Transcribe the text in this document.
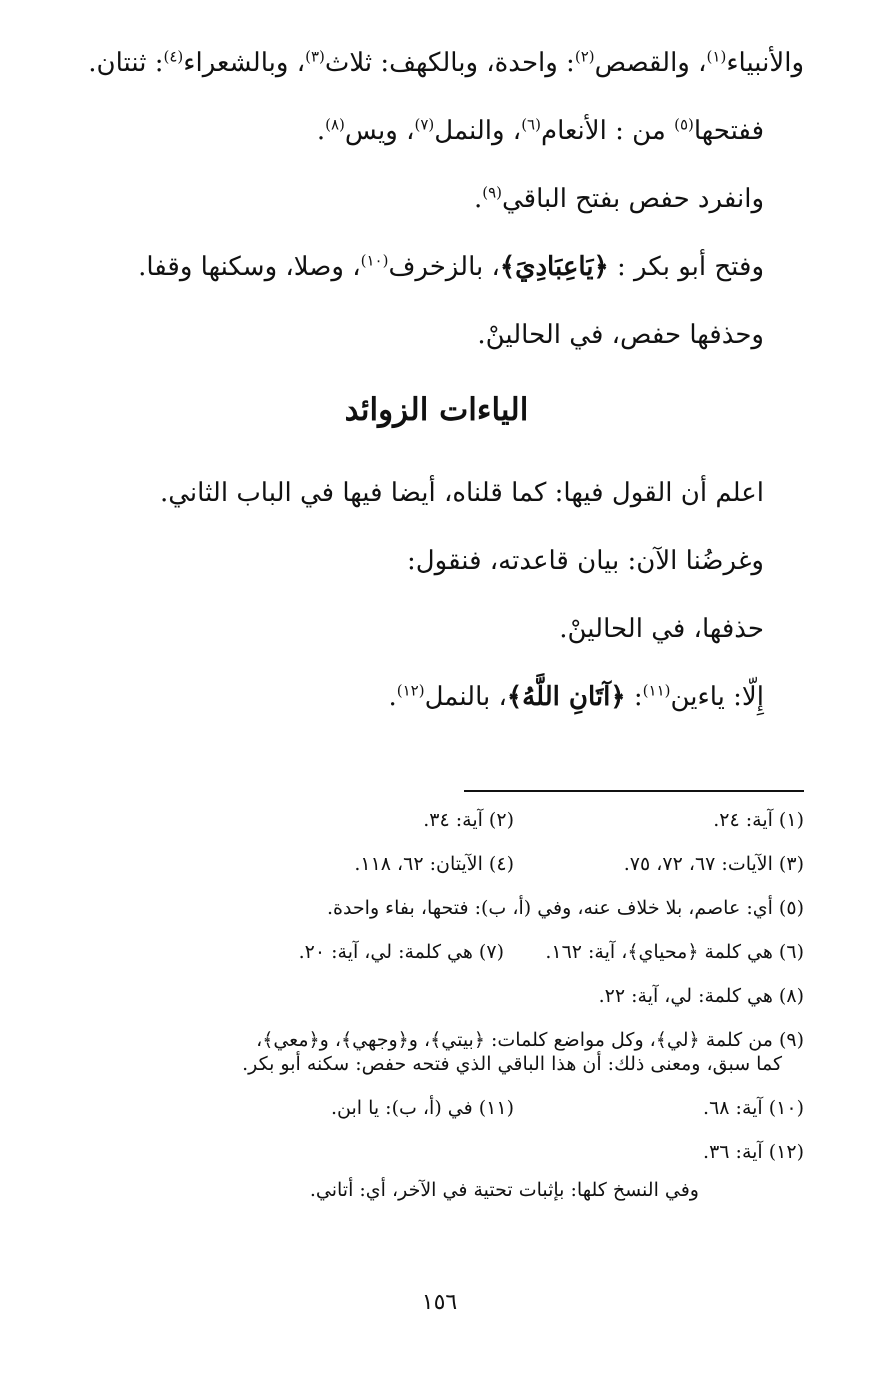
والأنبياء$^{(١)}$، والقصص$^{(٢)}$: واحدة، وبالكهف: ثلاث$^{(٣)}$، وبالشعراء$^{(٤)}$: ثنتان.

ففتحها$^{(٥)}$ من : الأنعام$^{(٦)}$، والنمل$^{(٧)}$، ويس$^{(٨)}$.

وانفرد حفص بفتح الباقي$^{(٩)}$.

وفتح أبو بكر : ﴿يَاعِبَادِيَ﴾، بالزخرف$^{(١٠)}$، وصلا، وسكنها وقفا.

وحذفها حفص، في الحالينْ.

الياءات الزوائد

اعلم أن القول فيها: كما قلناه، أيضا فيها في الباب الثاني.

وغرضُنا الآن: بيان قاعدته، فنقول:

حذفها، في الحالينْ.

إِلّا: ياءين$^{(١١)}$: ﴿آتَانِ اللَّهُ﴾، بالنمل$^{(١٢)}$.

(١) آية: ٢٤.
(٢) آية: ٣٤.
(٣) الآيات: ٦٧، ٧٢، ٧٥.
(٤) الآيتان: ٦٢، ١١٨.
(٥) أي: عاصم، بلا خلاف عنه، وفي (أ، ب): فتحها، بفاء واحدة.
(٦) هي كلمة ﴿محياي﴾، آية: ١٦٢.
(٧) هي كلمة: لي، آية: ٢٠.
(٨) هي كلمة: لي، آية: ٢٢.
(٩) من كلمة ﴿لي﴾، وكل مواضع كلمات: ﴿بيتي﴾، و﴿وجهي﴾، و﴿معي﴾،
كما سبق، ومعنى ذلك: أن هذا الباقي الذي فتحه حفص: سكنه أبو بكر.
(١٠) آية: ٦٨.
(١١) في (أ، ب): يا ابن.
(١٢) آية: ٣٦.
وفي النسخ كلها: بإثبات تحتية في الآخر، أي: أتاني.
١٥٦
